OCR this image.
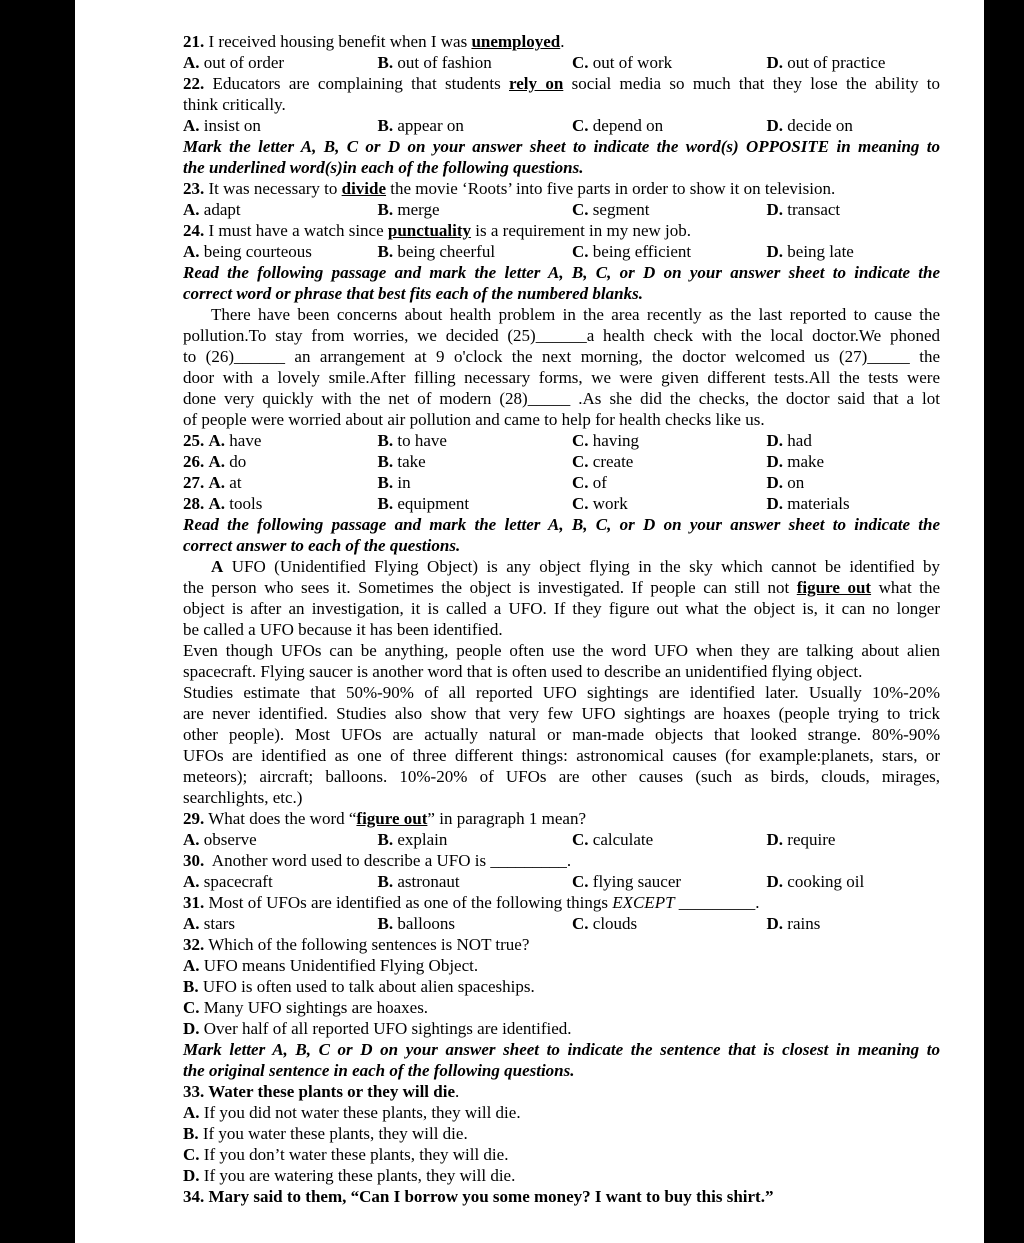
21. I received housing benefit when I was unemployed.
A. out of order	B. out of fashion	C. out of work	D. out of practice
22. Educators are complaining that students rely on social media so much that they lose the ability to
think critically.
A. insist on	B. appear on	C. depend on	D. decide on
Mark the letter A, B, C or D on your answer sheet to indicate the word(s) OPPOSITE in meaning to
the underlined word(s)in each of the following questions.
23. It was necessary to divide the movie ‘Roots’ into five parts in order to show it on television.
A. adapt	B. merge	C. segment	D. transact
24. I must have a watch since punctuality is a requirement in my new job.
A. being courteous	B. being cheerful	C. being efficient	D. being late
Read the following passage and mark the letter A, B, C, or D on your answer sheet to indicate the
correct word or phrase that best fits each of the numbered blanks.
There have been concerns about health problem in the area recently as the last reported to cause the
pollution.To stay from worries, we decided (25)______a health check with the local doctor.We phoned
to (26)______ an arrangement at 9 o'clock the next morning, the doctor welcomed us (27)_____ the
door with a lovely smile.After filling necessary forms, we were given different tests.All the tests were
done very quickly with the net of modern (28)_____ .As she did the checks, the doctor said that a lot
of people were worried about air pollution and came to help for health checks like us.
25. A. have	B. to have	C. having	D. had
26. A. do	B. take	C. create	D. make
27. A. at	B. in	C. of	D. on
28. A. tools	B. equipment	C. work	D. materials
Read the following passage and mark the letter A, B, C, or D on your answer sheet to indicate the
correct answer to each of the questions.
A UFO (Unidentified Flying Object) is any object flying in the sky which cannot be identified by
the person who sees it. Sometimes the object is investigated. If people can still not figure out what the
object is after an investigation, it is called a UFO. If they figure out what the object is, it can no longer
be called a UFO because it has been identified.
Even though UFOs can be anything, people often use the word UFO when they are talking about alien
spacecraft. Flying saucer is another word that is often used to describe an unidentified flying object.
Studies estimate that 50%-90% of all reported UFO sightings are identified later. Usually 10%-20%
are never identified. Studies also show that very few UFO sightings are hoaxes (people trying to trick
other people). Most UFOs are actually natural or man-made objects that looked strange. 80%-90%
UFOs are identified as one of three different things: astronomical causes (for example:planets, stars, or
meteors); aircraft; balloons. 10%-20% of UFOs are other causes (such as birds, clouds, mirages,
searchlights, etc.)
29. What does the word “figure out” in paragraph 1 mean?
A. observe	B. explain	C. calculate	D. require
30.  Another word used to describe a UFO is _________.
A. spacecraft	B. astronaut	C. flying saucer	D. cooking oil
31. Most of UFOs are identified as one of the following things EXCEPT _________.
A. stars	B. balloons	C. clouds	D. rains
32. Which of the following sentences is NOT true?
A. UFO means Unidentified Flying Object.
B. UFO is often used to talk about alien spaceships.
C. Many UFO sightings are hoaxes.
D. Over half of all reported UFO sightings are identified.
Mark letter A, B, C or D on your answer sheet to indicate the sentence that is closest in meaning to
the original sentence in each of the following questions.
33. Water these plants or they will die.
A. If you did not water these plants, they will die.
B. If you water these plants, they will die.
C. If you don’t water these plants, they will die.
D. If you are watering these plants, they will die.
34. Mary said to them, “Can I borrow you some money? I want to buy this shirt.”
